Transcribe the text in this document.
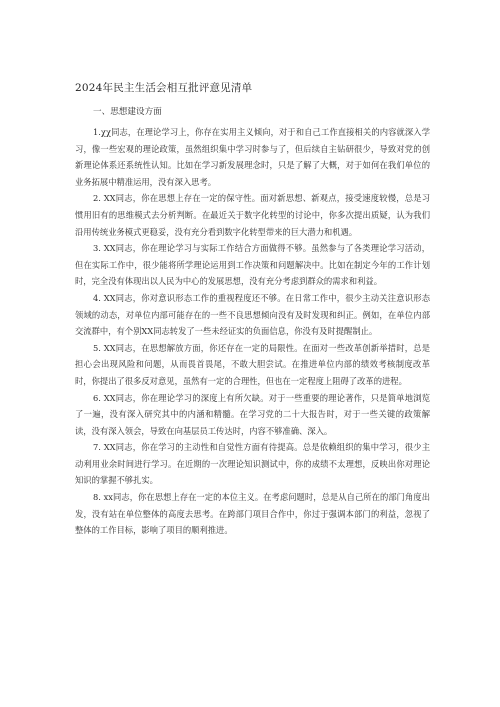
2024年民主生活会相互批评意见清单
一、思想建设方面

1.χχ同志，在理论学习上，你存在实用主义倾向，对于和自己工作直接相关的内容就深入学习，像一些宏观的理论政策，虽然组织集中学习时参与了，但后续自主钻研很少，导致对党的创新理论体系还系统性认知。比如在学习新发展理念时，只是了解了大概，对于如何在我们单位的业务拓展中精准运用，没有深入思考。

2. XX同志，你在思想上存在一定的保守性。面对新思想、新观点，接受速度较慢，总是习惯用旧有的思维模式去分析判断。在最近关于数字化转型的讨论中，你多次提出质疑，认为我们沿用传统业务模式更稳妥，没有充分看到数字化转型带来的巨大潜力和机遇。

3. XX同志，你在理论学习与实际工作结合方面做得不够。虽然参与了各类理论学习活动，但在实际工作中，很少能将所学理论运用到工作决策和问题解决中。比如在制定今年的工作计划时，完全没有体现出以人民为中心的发展思想，没有充分考虑到群众的需求和利益。

4. XX同志，你对意识形态工作的重视程度还不够。在日常工作中，很少主动关注意识形态领域的动态，对单位内部可能存在的一些不良思想倾向没有及时发现和纠正。例如，在单位内部交流群中，有个别XX同志转发了一些未经证实的负面信息，你没有及时提醒制止。

5. XX同志，在思想解放方面，你还存在一定的局限性。在面对一些改革创新举措时，总是担心会出现风险和问题，从而畏首畏尾，不敢大胆尝试。在推进单位内部的绩效考核制度改革时，你提出了很多反对意见，虽然有一定的合理性，但也在一定程度上阻碍了改革的进程。

6. XX同志，你在理论学习的深度上有所欠缺。对于一些重要的理论著作，只是简单地浏览了一遍，没有深入研究其中的内涵和精髓。在学习党的二十大报告时，对于一些关键的政策解读，没有深入领会，导致在向基层员工传达时，内容不够准确、深入。

7. XX同志，你在学习的主动性和自觉性方面有待提高。总是依赖组织的集中学习，很少主动利用业余时间进行学习。在近期的一次理论知识测试中，你的成绩不太理想，反映出你对理论知识的掌握不够扎实。

8. xx同志，你在思想上存在一定的本位主义。在考虑问题时，总是从自己所在的部门角度出发，没有站在单位整体的高度去思考。在跨部门项目合作中，你过于强调本部门的利益，忽视了整体的工作目标，影响了项目的顺利推进。
